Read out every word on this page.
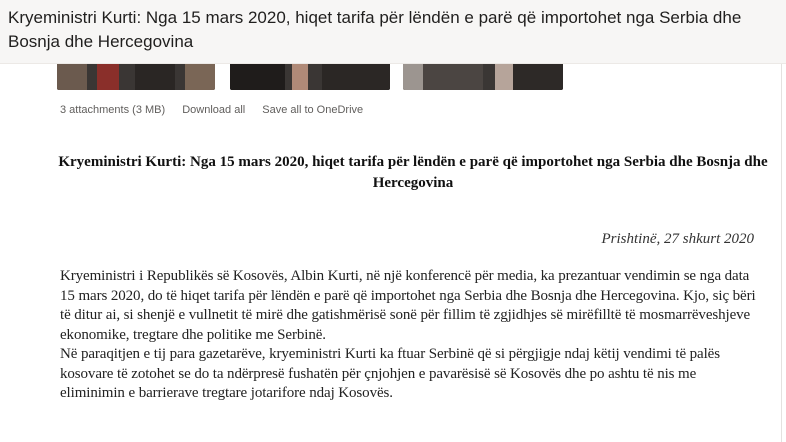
Kryeministri Kurti: Nga 15 mars 2020, hiqet tarifa për lëndën e parë që importohet nga Serbia dhe Bosnja dhe Hercegovina
3 attachments (3 MB) Download all Save all to OneDrive
Kryeministri Kurti: Nga 15 mars 2020, hiqet tarifa për lëndën e parë që importohet nga Serbia dhe Bosnja dhe Hercegovina
Prishtinë, 27 shkurt 2020

Kryeministri i Republikës së Kosovës, Albin Kurti, në një konferencë për media, ka prezantuar vendimin se nga data 15 mars 2020, do të hiqet tarifa për lëndën e parë që importohet nga Serbia dhe Bosnja dhe Hercegovina. Kjo, siç bëri të ditur ai, si shenjë e vullnetit të mirë dhe gatishmërisë sonë për fillim të zgjidhjes së mirëfilltë të mosmarrëveshjeve ekonomike, tregtare dhe politike me Serbinë.

Në paraqitjen e tij para gazetarëve, kryeministri Kurti ka ftuar Serbinë që si përgjigje ndaj këtij vendimi të palës kosovare të zotohet se do ta ndërpresë fushatën për çnjohjen e pavarësisë së Kosovës dhe po ashtu të nis me eliminimin e barrierave tregtare jotarifore ndaj Kosovës.
